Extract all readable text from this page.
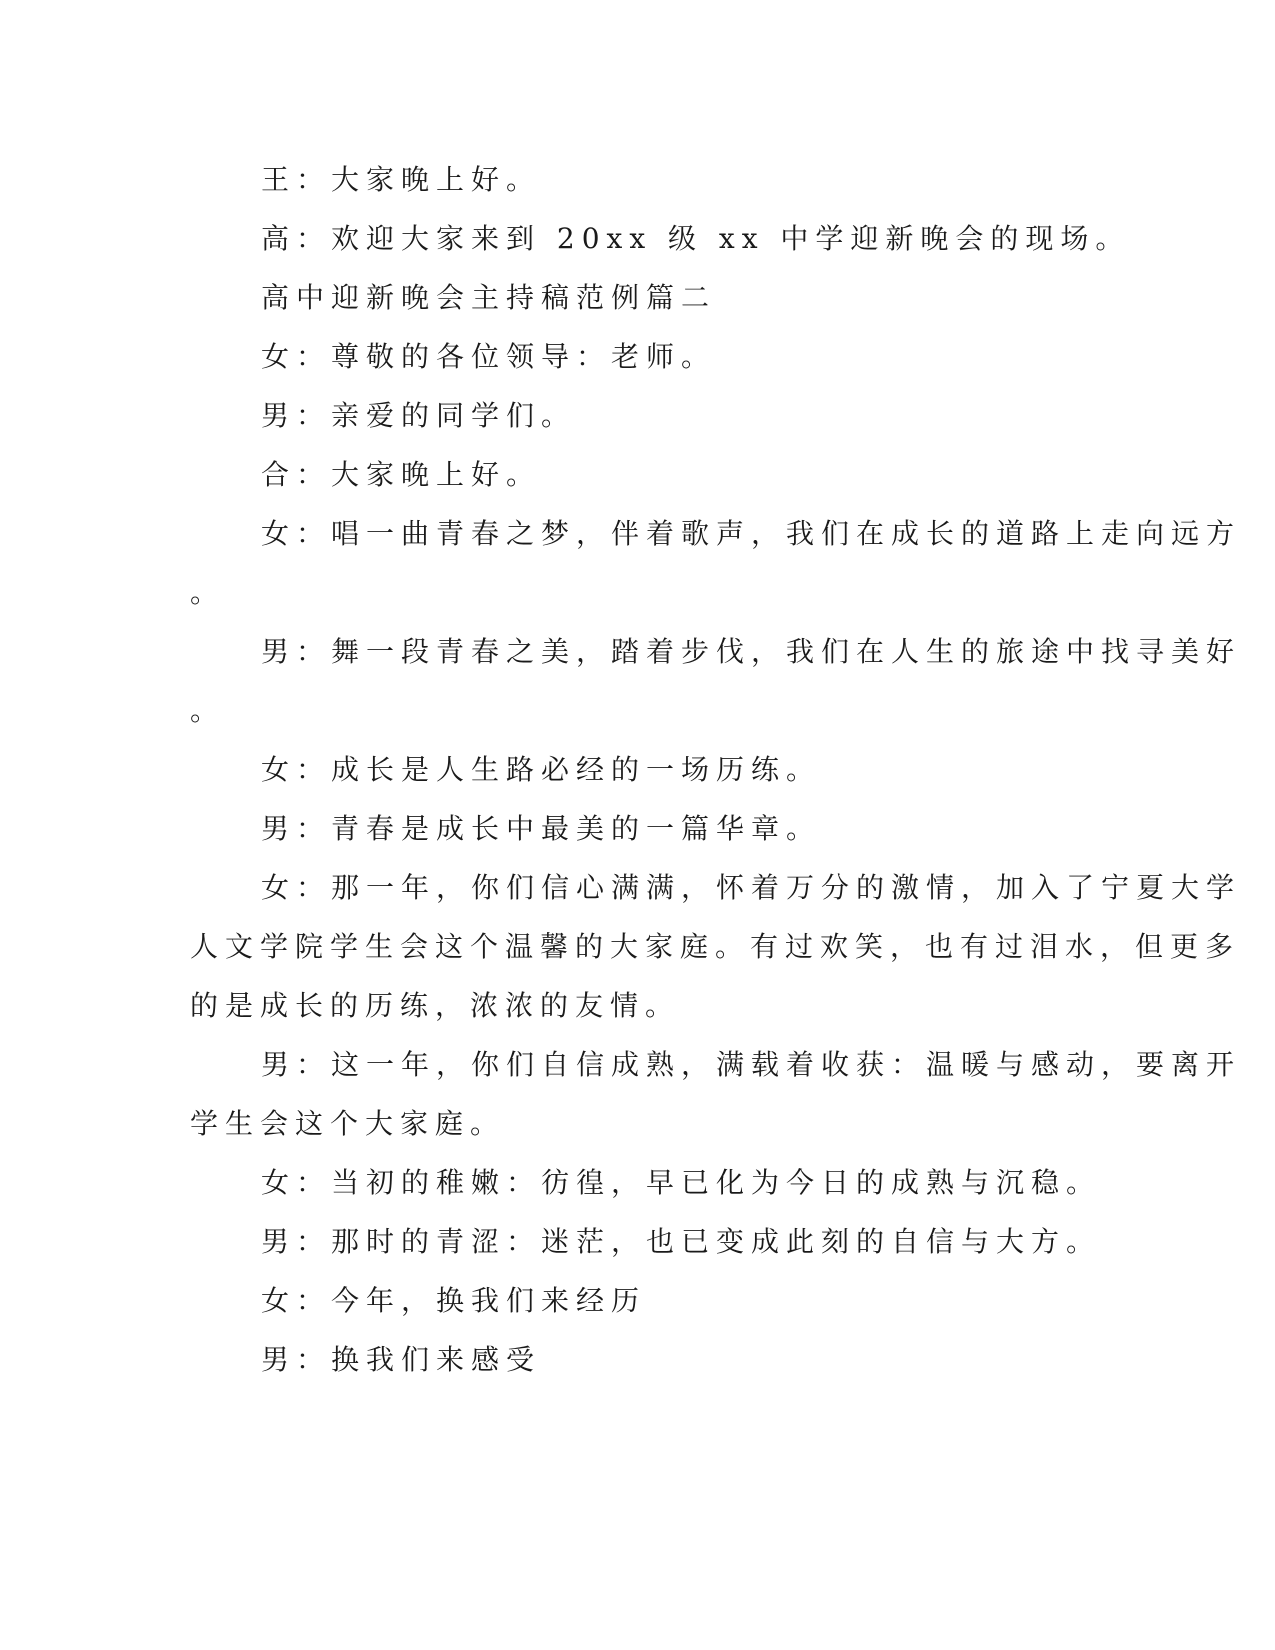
王：大家晚上好。
高：欢迎大家来到 20xx 级 xx 中学迎新晚会的现场。
高中迎新晚会主持稿范例篇二
女：尊敬的各位领导：老师。
男：亲爱的同学们。
合：大家晚上好。
女：唱一曲青春之梦，伴着歌声，我们在成长的道路上走向远方
。
男：舞一段青春之美，踏着步伐，我们在人生的旅途中找寻美好
。
女：成长是人生路必经的一场历练。
男：青春是成长中最美的一篇华章。
女：那一年，你们信心满满，怀着万分的激情，加入了宁夏大学
人文学院学生会这个温馨的大家庭。有过欢笑，也有过泪水，但更多
的是成长的历练，浓浓的友情。
男：这一年，你们自信成熟，满载着收获：温暖与感动，要离开
学生会这个大家庭。
女：当初的稚嫩：彷徨，早已化为今日的成熟与沉稳。
男：那时的青涩：迷茫，也已变成此刻的自信与大方。
女：今年，换我们来经历
男：换我们来感受
